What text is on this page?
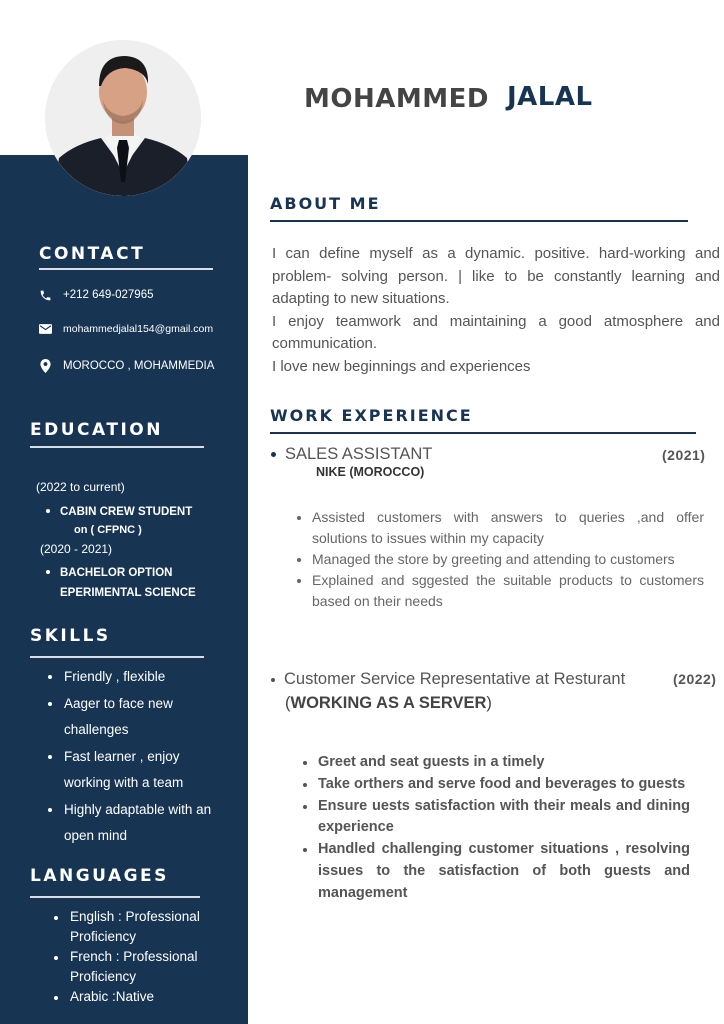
CONTACT
+212 649-027965
mohammedjalal154@gmail.com
MOROCCO , MOHAMMEDIA
EDUCATION
(2022 to current)
CABIN CREW STUDENT
on ( CFPNC )
(2020 - 2021)
BACHELOR OPTION
EPERIMENTAL SCIENCE
SKILLS
Friendly , flexible
Aager to face new
challenges
Fast learner , enjoy
working with a team
Highly adaptable with an
open mind
LANGUAGES
English : Professional
Proficiency
French : Professional
Proficiency
Arabic :Native
MOHAMMED JALAL
ABOUT ME

I can define myself as a dynamic. positive. hard-working and problem- solving person. | like to be constantly learning and adapting to new situations.

I enjoy teamwork and maintaining a good atmosphere and communication.

I love new beginnings and experiences

WORK EXPERIENCE
SALES ASSISTANT	(2021)
NIKE (MOROCCO)
Assisted customers with answers to queries ,and offer solutions to issues within my capacity
Managed the store by greeting and attending to customers
Explained and sggested the suitable products to customers based on their needs
Customer Service Representative at Resturant	(2022)
(WORKING AS A SERVER)
Greet and seat guests in a timely
Take orthers and serve food and beverages to guests
Ensure uests satisfaction with their meals and dining experience
Handled challenging customer situations , resolving issues to the satisfaction of both guests and management
